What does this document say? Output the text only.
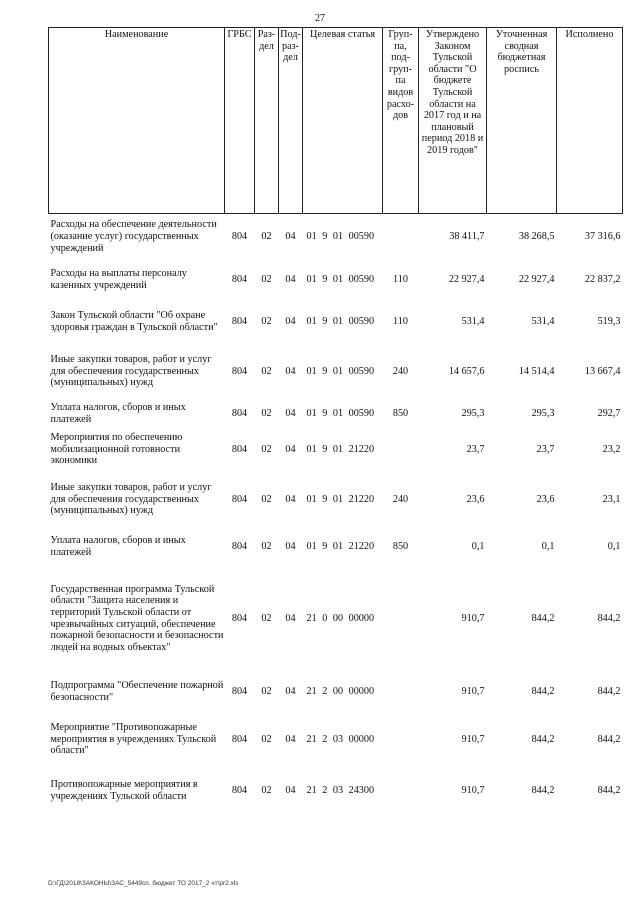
27
Наименование	ГРБС	Раз-дел	Под-раз-дел	Целевая статья	Груп-па, под-груп-па видов расхо-дов	Утверждено Законом Тульской области "О бюджете Тульской области на 2017 год и на плановый период 2018 и 2019 годов"	Уточненная сводная бюджетная роспись	Исполнено
Расходы на обеспечение деятельности (оказание услуг) государственных учреждений	804	02	04	01 9 01 00590		38 411,7	38 268,5	37 316,6
Расходы на выплаты персоналу казенных учреждений	804	02	04	01 9 01 00590	110	22 927,4	22 927,4	22 837,2
Закон Тульской области "Об охране здоровья граждан в Тульской области"	804	02	04	01 9 01 00590	110	531,4	531,4	519,3
Иные закупки товаров, работ и услуг для обеспечения государственных (муниципальных) нужд	804	02	04	01 9 01 00590	240	14 657,6	14 514,4	13 667,4
Уплата налогов, сборов и иных платежей	804	02	04	01 9 01 00590	850	295,3	295,3	292,7
Мероприятия по обеспечению мобилизационной готовности экономики	804	02	04	01 9 01 21220		23,7	23,7	23,2
Иные закупки товаров, работ и услуг для обеспечения государственных (муниципальных) нужд	804	02	04	01 9 01 21220	240	23,6	23,6	23,1
Уплата налогов, сборов и иных платежей	804	02	04	01 9 01 21220	850	0,1	0,1	0,1
Государственная программа Тульской области "Защита населения и территорий Тульской области от чрезвычайных ситуаций, обеспечение пожарной безопасности и безопасности людей на водных объектах"	804	02	04	21 0 00 00000		910,7	844,2	844,2
Подпрограмма "Обеспечение пожарной безопасности"	804	02	04	21 2 00 00000		910,7	844,2	844,2
Мероприятие "Противопожарные мероприятия в учреждениях Тульской области"	804	02	04	21 2 03 00000		910,7	844,2	844,2
Противопожарные мероприятия в учреждениях Тульской области	804	02	04	21 2 03 24300		910,7	844,2	844,2
D:\ГД\2018\ЗАКОНЫ\ЗАС_5449сп. бюджет ТО 2017_2 чт\pr2.xls
